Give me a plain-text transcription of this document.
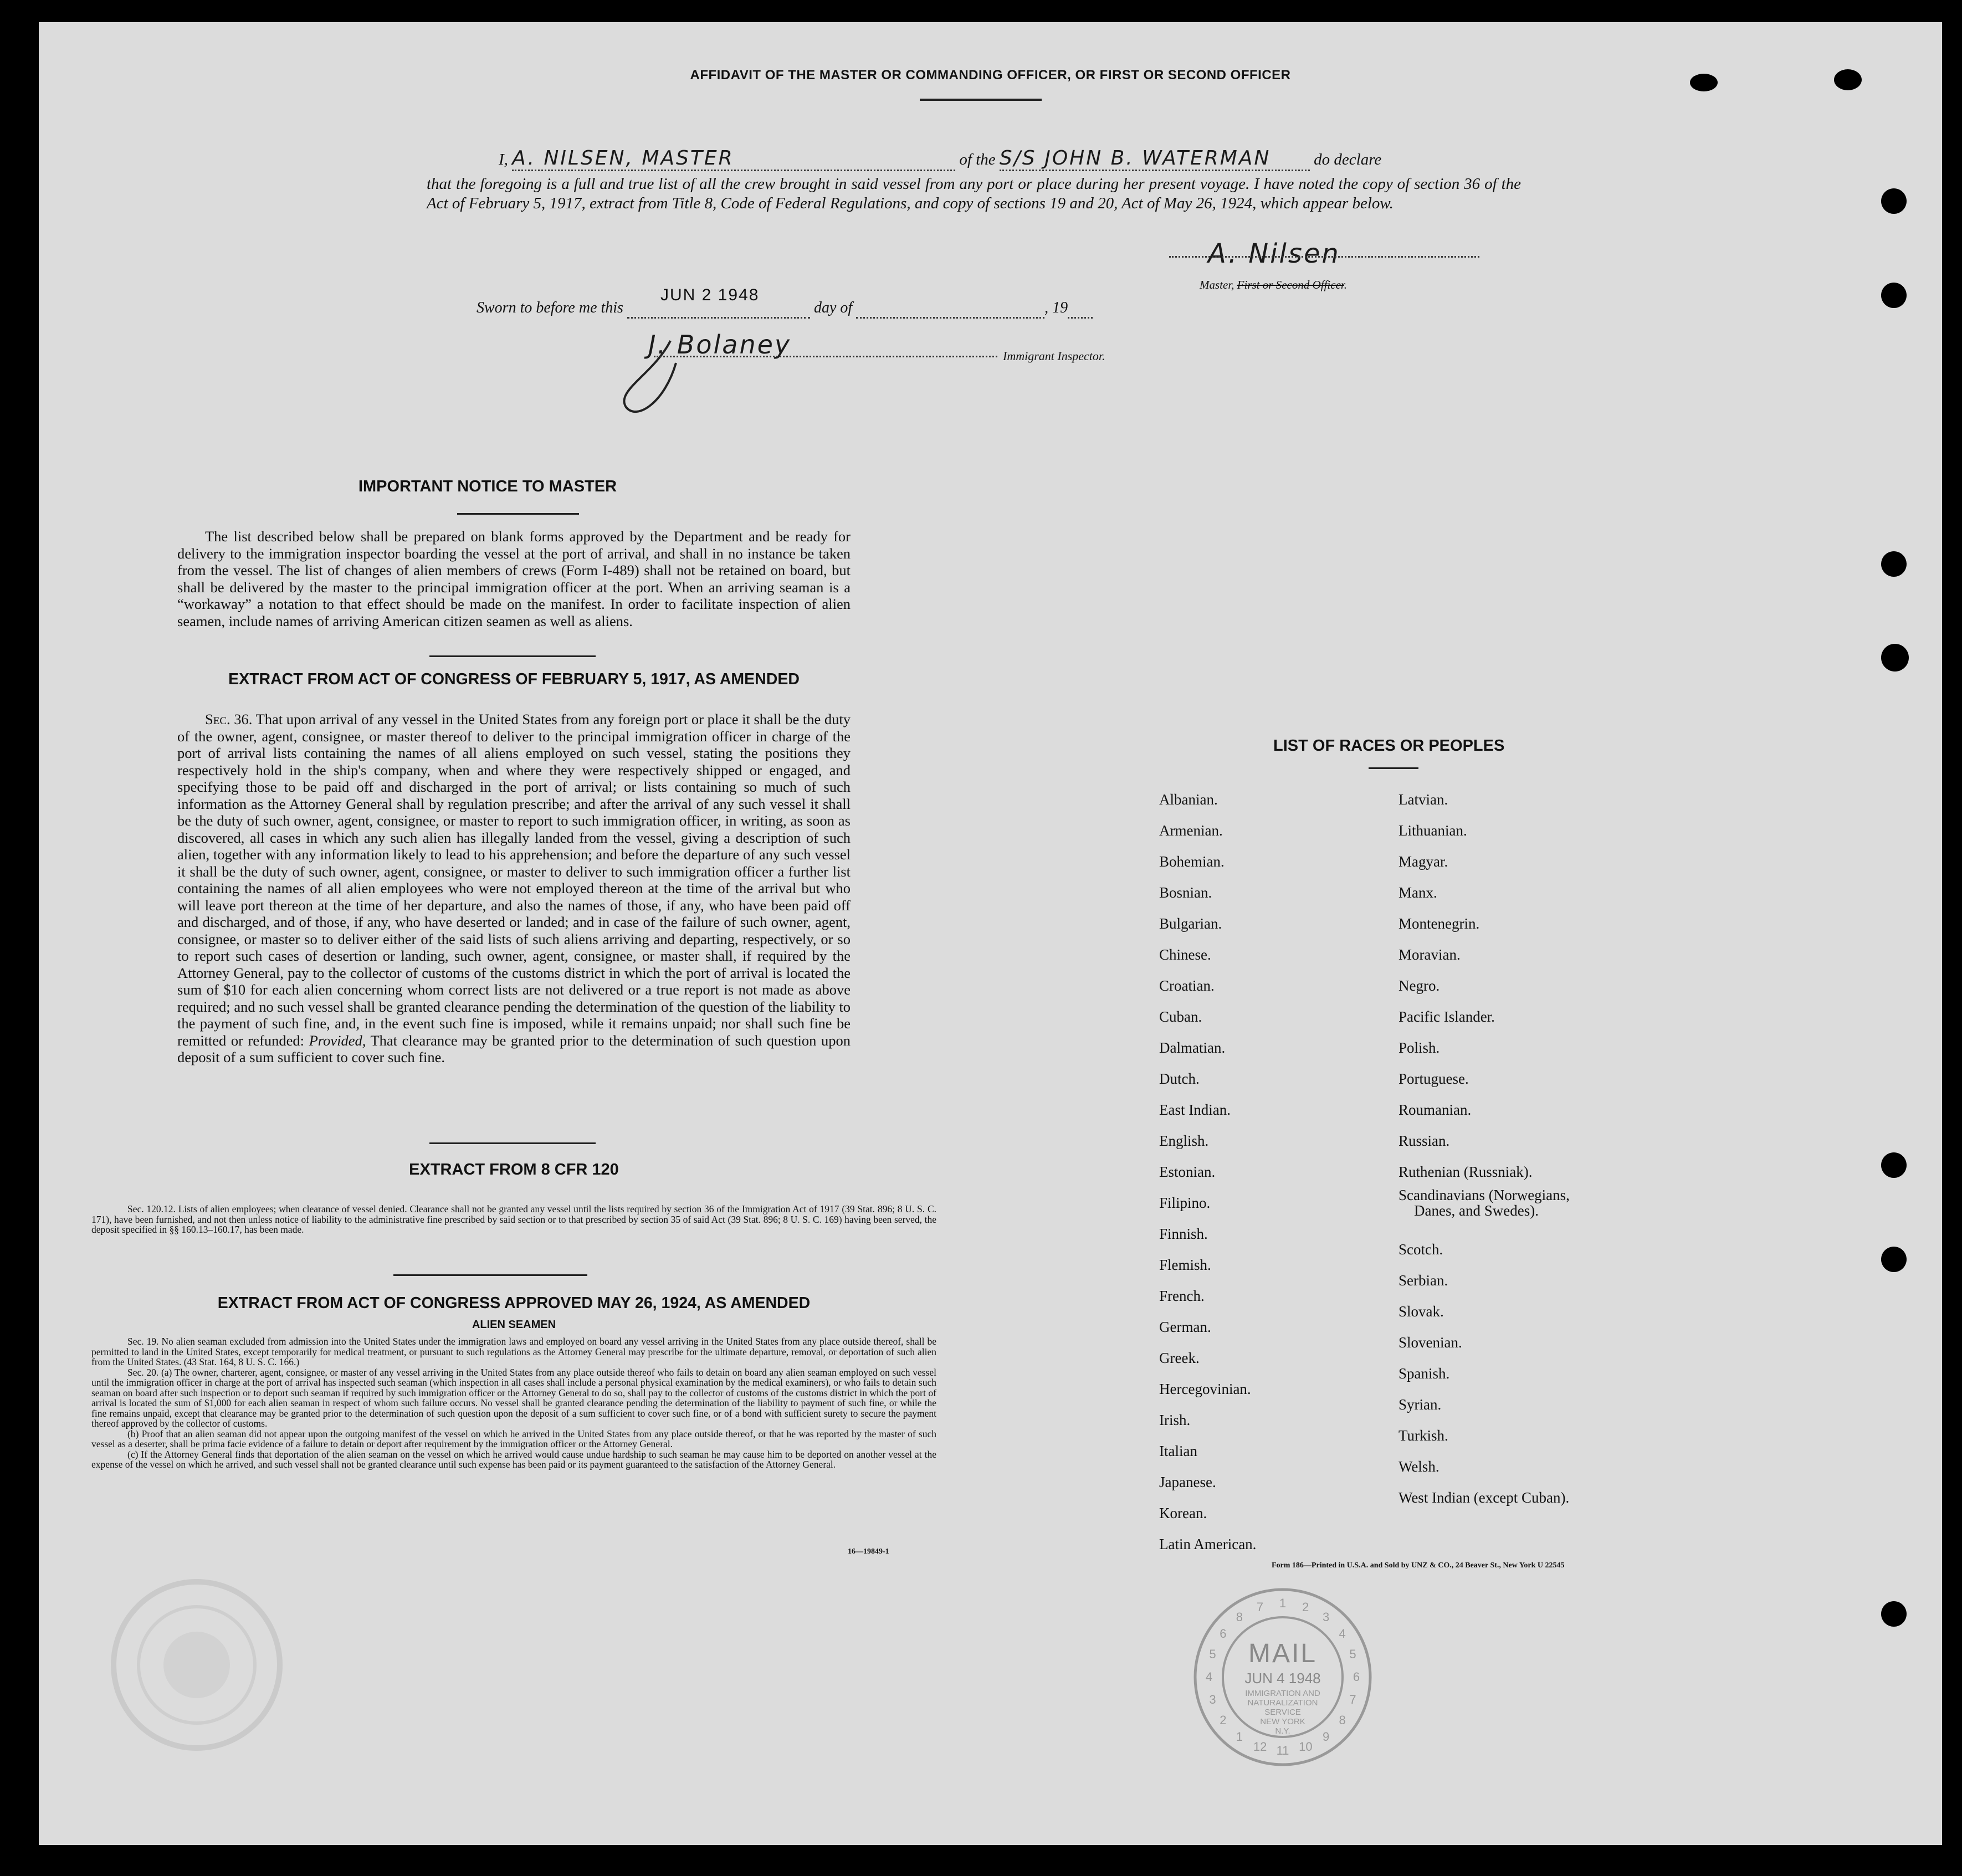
AFFIDAVIT OF THE MASTER OR COMMANDING OFFICER, OR FIRST OR SECOND OFFICER
I, A. NILSEN, MASTER	of the S/S JOHN B. WATERMAN	do declare
that the foregoing is a full and true list of all the crew brought in said vessel from any port or place during her present voyage. I have noted the copy of section 36 of the Act of February 5, 1917, extract from Title 8, Code of Federal Regulations, and copy of sections 19 and 20, Act of May 26, 1924, which appear below.
A. Nilsen
Master, First or Second Officer.
Sworn to before me this
JUN 2 1948
day of	, 19
J. Bolaney	Immigrant Inspector.
IMPORTANT NOTICE TO MASTER
The list described below shall be prepared on blank forms approved by the Department and be ready for delivery to the immigration inspector boarding the vessel at the port of arrival, and shall in no instance be taken from the vessel. The list of changes of alien members of crews (Form I-489) shall not be retained on board, but shall be delivered by the master to the principal immigration officer at the port. When an arriving seaman is a “workaway” a notation to that effect should be made on the manifest. In order to facilitate inspection of alien seamen, include names of arriving American citizen seamen as well as aliens.
EXTRACT FROM ACT OF CONGRESS OF FEBRUARY 5, 1917, AS AMENDED
Sec. 36. That upon arrival of any vessel in the United States from any foreign port or place it shall be the duty of the owner, agent, consignee, or master thereof to deliver to the principal immigration officer in charge of the port of arrival lists containing the names of all aliens employed on such vessel, stating the positions they respectively hold in the ship's company, when and where they were respectively shipped or engaged, and specifying those to be paid off and discharged in the port of arrival; or lists containing so much of such information as the Attorney General shall by regulation prescribe; and after the arrival of any such vessel it shall be the duty of such owner, agent, consignee, or master to report to such immigration officer, in writing, as soon as discovered, all cases in which any such alien has illegally landed from the vessel, giving a description of such alien, together with any information likely to lead to his apprehension; and before the departure of any such vessel it shall be the duty of such owner, agent, consignee, or master to deliver to such immigration officer a further list containing the names of all alien employees who were not employed thereon at the time of the arrival but who will leave port thereon at the time of her departure, and also the names of those, if any, who have been paid off and discharged, and of those, if any, who have deserted or landed; and in case of the failure of such owner, agent, consignee, or master so to deliver either of the said lists of such aliens arriving and departing, respectively, or so to report such cases of desertion or landing, such owner, agent, consignee, or master shall, if required by the Attorney General, pay to the collector of customs of the customs district in which the port of arrival is located the sum of $10 for each alien concerning whom correct lists are not delivered or a true report is not made as above required; and no such vessel shall be granted clearance pending the determination of the question of the liability to the payment of such fine, and, in the event such fine is imposed, while it remains unpaid; nor shall such fine be remitted or refunded: Provided, That clearance may be granted prior to the determination of such question upon deposit of a sum sufficient to cover such fine.
EXTRACT FROM 8 CFR 120
Sec. 120.12. Lists of alien employees; when clearance of vessel denied. Clearance shall not be granted any vessel until the lists required by section 36 of the Immigration Act of 1917 (39 Stat. 896; 8 U. S. C. 171), have been furnished, and not then unless notice of liability to the administrative fine prescribed by said section or to that prescribed by section 35 of said Act (39 Stat. 896; 8 U. S. C. 169) having been served, the deposit specified in §§ 160.13–160.17, has been made.
EXTRACT FROM ACT OF CONGRESS APPROVED MAY 26, 1924, AS AMENDED
ALIEN SEAMEN

Sec. 19. No alien seaman excluded from admission into the United States under the immigration laws and employed on board any vessel arriving in the United States from any place outside thereof, shall be permitted to land in the United States, except temporarily for medical treatment, or pursuant to such regulations as the Attorney General may prescribe for the ultimate departure, removal, or deportation of such alien from the United States. (43 Stat. 164, 8 U. S. C. 166.)

Sec. 20. (a) The owner, charterer, agent, consignee, or master of any vessel arriving in the United States from any place outside thereof who fails to detain on board any alien seaman employed on such vessel until the immigration officer in charge at the port of arrival has inspected such seaman (which inspection in all cases shall include a personal physical examination by the medical examiners), or who fails to detain such seaman on board after such inspection or to deport such seaman if required by such immigration officer or the Attorney General to do so, shall pay to the collector of customs of the customs district in which the port of arrival is located the sum of $1,000 for each alien seaman in respect of whom such failure occurs. No vessel shall be granted clearance pending the determination of the liability to payment of such fine, or while the fine remains unpaid, except that clearance may be granted prior to the determination of such question upon the deposit of a sum sufficient to cover such fine, or of a bond with sufficient surety to secure the payment thereof approved by the collector of customs.

(b) Proof that an alien seaman did not appear upon the outgoing manifest of the vessel on which he arrived in the United States from any place outside thereof, or that he was reported by the master of such vessel as a deserter, shall be prima facie evidence of a failure to detain or deport after requirement by the immigration officer or the Attorney General.

(c) If the Attorney General finds that deportation of the alien seaman on the vessel on which he arrived would cause undue hardship to such seaman he may cause him to be deported on another vessel at the expense of the vessel on which he arrived, and such vessel shall not be granted clearance until such expense has been paid or its payment guaranteed to the satisfaction of the Attorney General.

16—19849-1
LIST OF RACES OR PEOPLES
Albanian.
Armenian.
Bohemian.
Bosnian.
Bulgarian.
Chinese.
Croatian.
Cuban.
Dalmatian.
Dutch.
East Indian.
English.
Estonian.
Filipino.
Finnish.
Flemish.
French.
German.
Greek.
Hercegovinian.
Irish.
Italian
Japanese.
Korean.
Latin American.
Latvian.
Lithuanian.
Magyar.
Manx.
Montenegrin.
Moravian.
Negro.
Pacific Islander.
Polish.
Portuguese.
Roumanian.
Russian.
Ruthenian (Russniak).
Scandinavians (Norwegians,
Danes, and Swedes).
Scotch.
Serbian.
Slovak.
Slovenian.
Spanish.
Syrian.
Turkish.
Welsh.
West Indian (except Cuban).
Form 186—Printed in U.S.A. and Sold by UNZ & CO., 24 Beaver St., New York U 22545
MAIL
JUN 4 1948
IMMIGRATION AND
NATURALIZATION
SERVICE
NEW YORK
N.Y.
1 2
3
4
5
6
7
8
9
10
11
12
1
2
3
4
5
6
8
7
